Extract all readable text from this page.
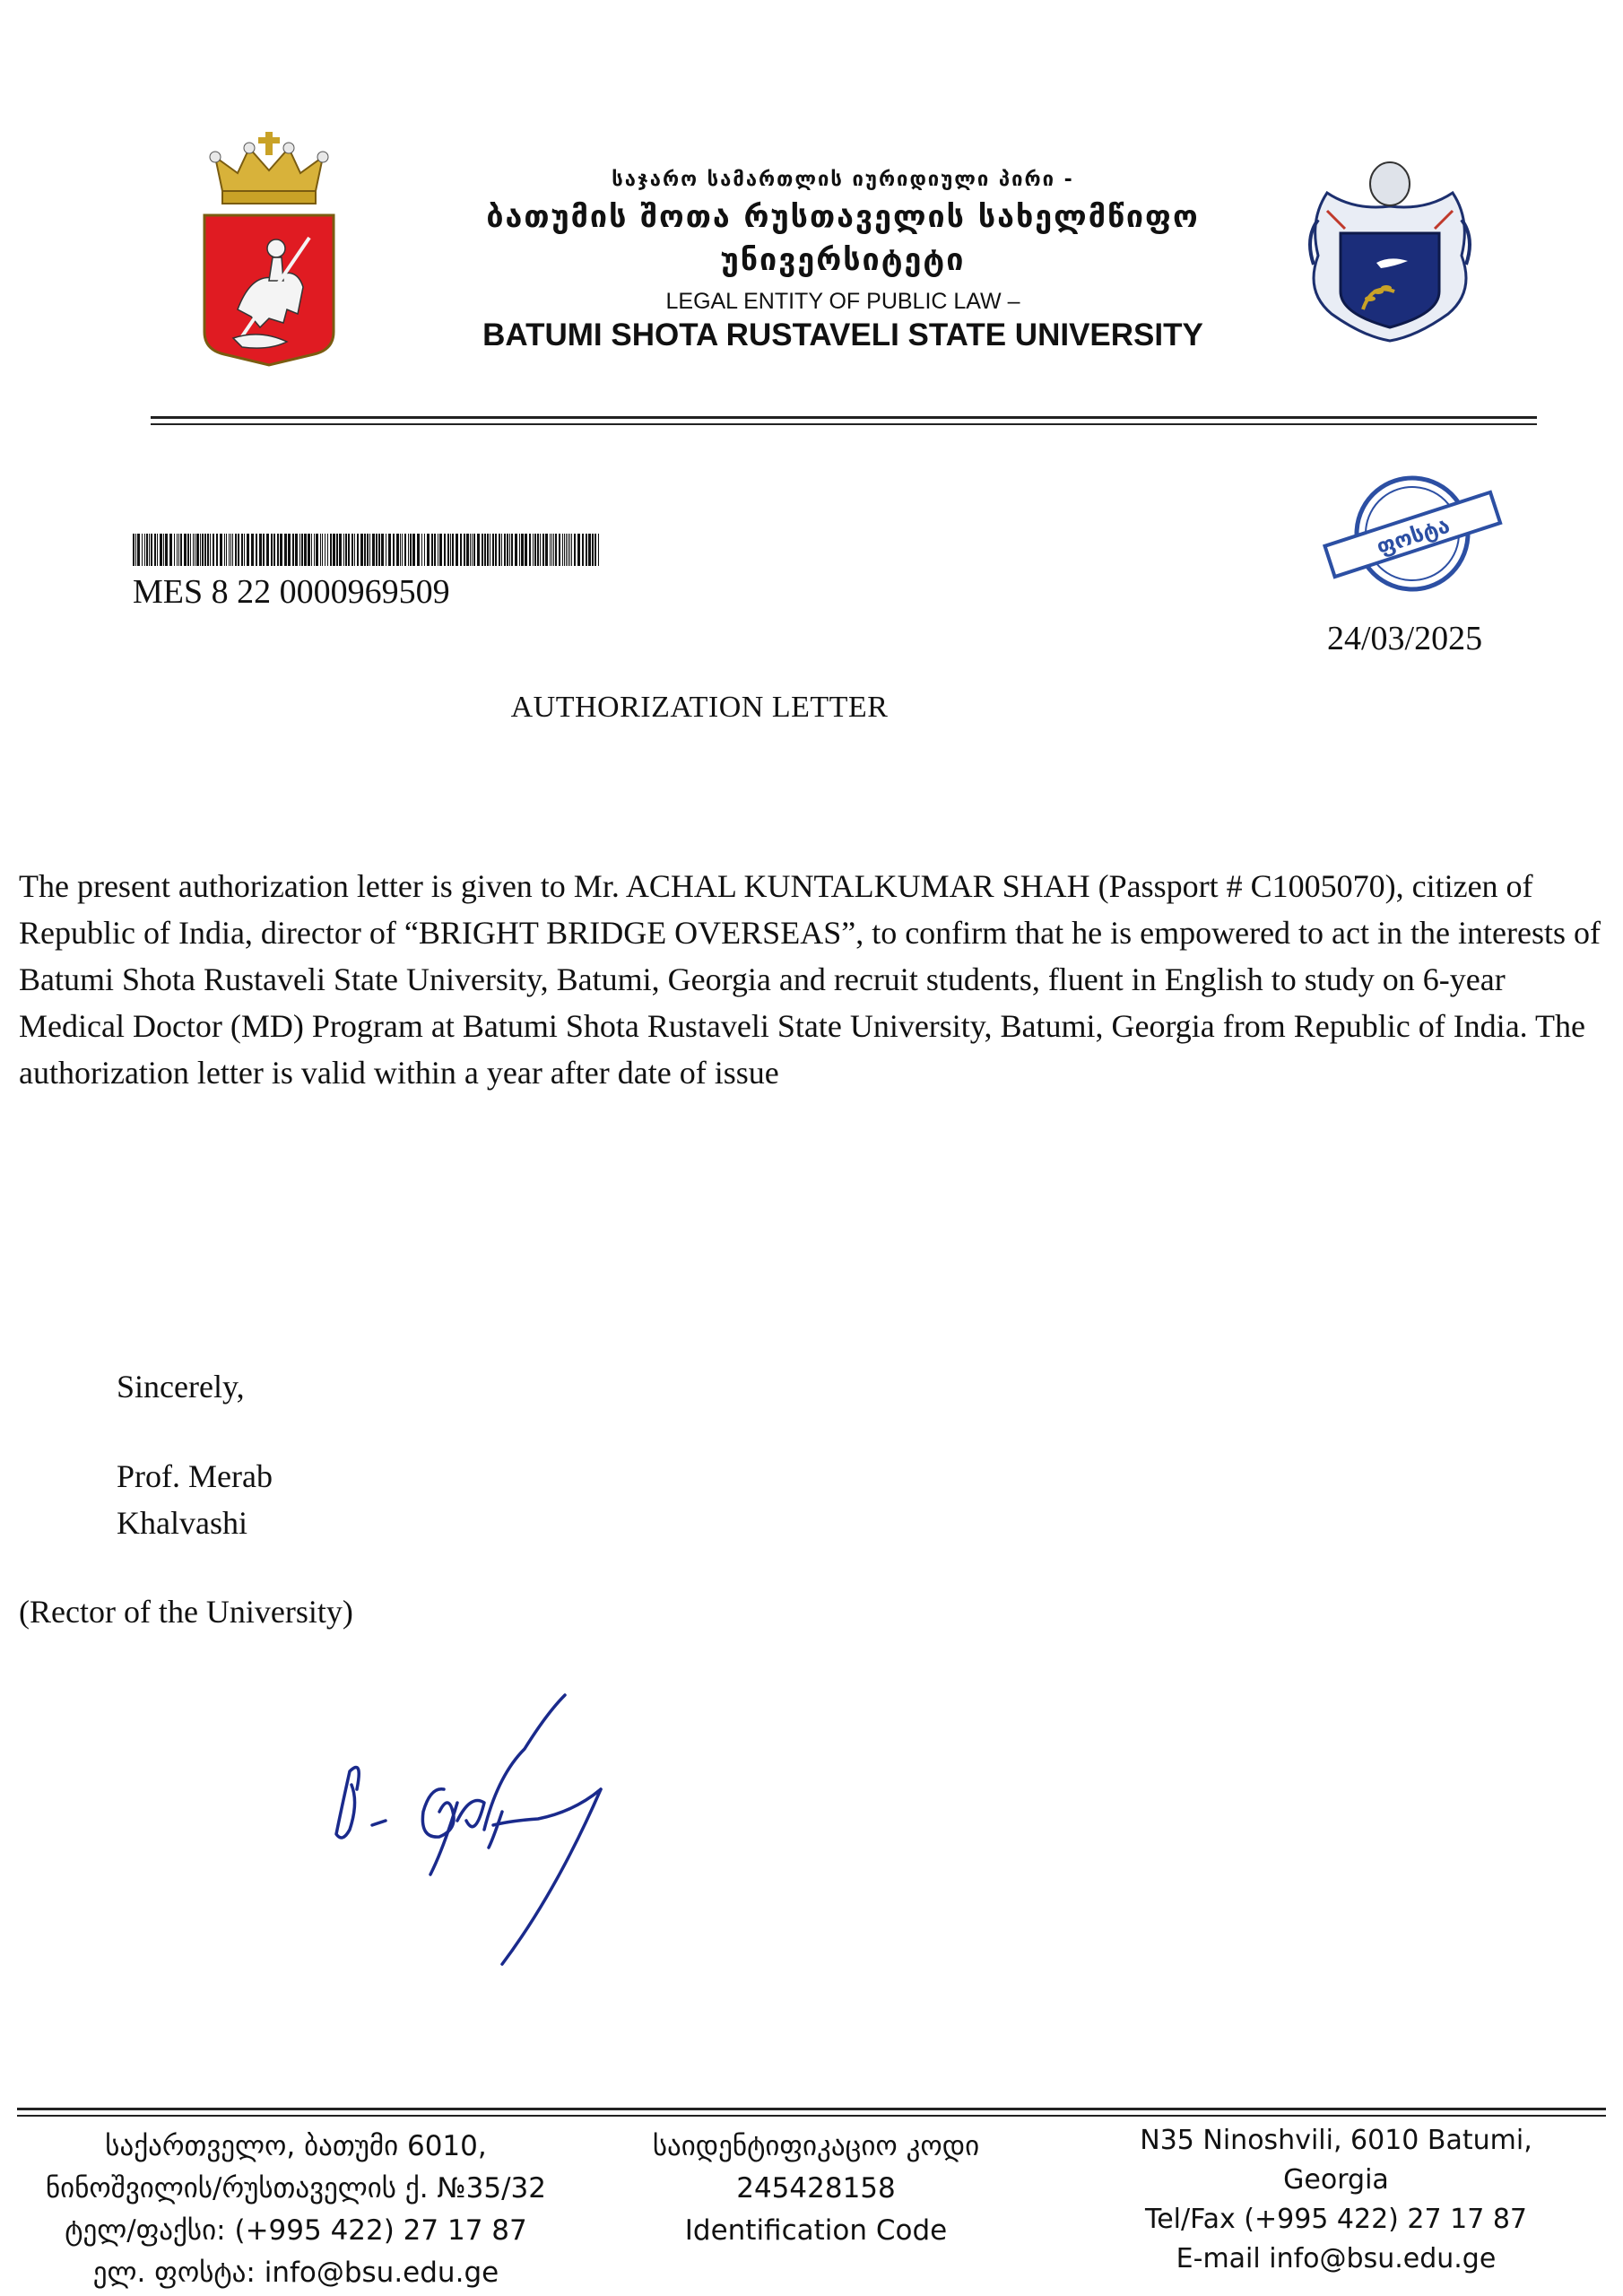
საჯარო სამართლის იურიდიული პირი -
ბათუმის შოთა რუსთაველის სახელმწიფო
უნივერსიტეტი
LEGAL ENTITY OF PUBLIC LAW –
BATUMI SHOTA RUSTAVELI STATE UNIVERSITY
MES 8 22 0000969509
ფოსტა
24/03/2025
AUTHORIZATION LETTER
The present authorization letter is given to Mr. ACHAL KUNTALKUMAR SHAH (Passport # C1005070), citizen of Republic of India, director of “BRIGHT BRIDGE OVERSEAS”, to confirm that he is empowered to act in the interests of Batumi Shota Rustaveli State University, Batumi, Georgia and recruit students, fluent in English to study on 6-year Medical Doctor (MD) Program at Batumi Shota Rustaveli State University, Batumi, Georgia from Republic of India. The authorization letter is valid within a year after date of issue
Sincerely,
Prof. Merab
Khalvashi
(Rector of the University)
საქართველო, ბათუმი 6010,
ნინოშვილის/რუსთაველის ქ. №35/32
ტელ/ფაქსი: (+995 422) 27 17 87
ელ. ფოსტა: info@bsu.edu.ge
საიდენტიფიკაციო კოდი
245428158
Identification Code
N35 Ninoshvili, 6010 Batumi,
Georgia
Tel/Fax (+995 422) 27 17 87
E-mail info@bsu.edu.ge
